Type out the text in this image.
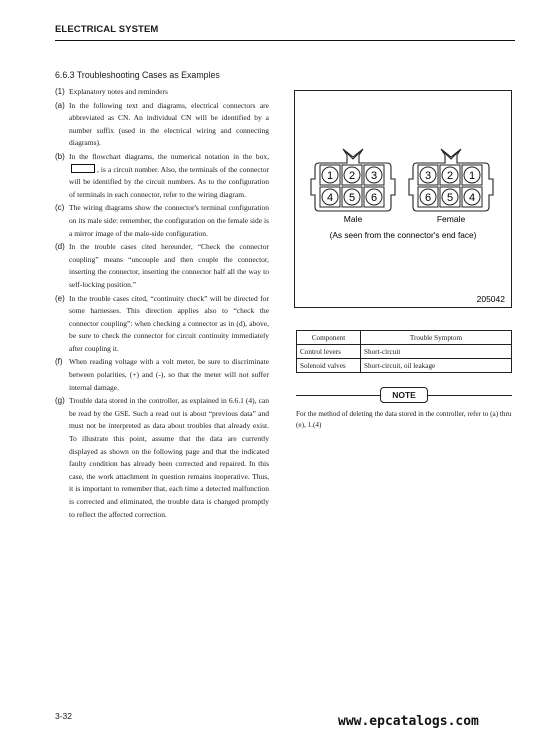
ELECTRICAL SYSTEM
6.6.3 Troubleshooting Cases as Examples
(1) Explanatory notes and reminders
(a) In the following text and diagrams, electrical connectors are abbreviated as CN. An individual CN will be identified by a number suffix (used in the electrical wiring and connecting diagrams).
(b) In the flowchart diagrams, the numerical notation in the box, , is a circuit number. Also, the terminals of the connector will be identified by the circuit numbers. As to the configuration of terminals in each connector, refer to the wiring diagram.
(c) The wiring diagrams show the connector's terminal configuration on its male side: remember, the configuration on the female side is a mirror image of the male-side configuration.
(d) In the trouble cases cited hereunder, “Check the connector coupling” means “uncouple and then couple the connector, inserting the connector, inserting the connector half all the way to self-locking position.”
(e) In the trouble cases cited, “continuity check” will be directed for some harnesses. This direction applies also to “check the connector coupling”: when checking a connector as in (d), above, be sure to check the connector for circuit continuity immediately after coupling it.
(f) When reading voltage with a volt meter, be sure to discriminate between polarities, (+) and (-), so that the meter will not suffer internal damage.
(g) Trouble data stored in the controller, as explained in 6.6.1 (4), can be read by the GSE. Such a read out is about “previous data” and must not be interpreted as data about troubles that already exist. To illustrate this point, assume that the data are currently displayed as shown on the following page and that the indicated faulty condition has already been corrected and repaired. In this case, the work attachment in question remains inoperative. Thus, it is important to remember that, each time a detected malfunction is corrected and eliminated, the trouble data is changed promptly to reflect the affected correction.
1 2 3
4 5 6
3 2 1
6 5 4
Male	Female
(As seen from the connector's end face)
205042
Component	Trouble Symptom
Control levers	Short-circuit
Solenoid valves	Short-circuit, oil leakage
NOTE
For the method of deleting the data stored in the controller, refer to (a) thru (e), 1.(4)
3-32	www.epcatalogs.com
